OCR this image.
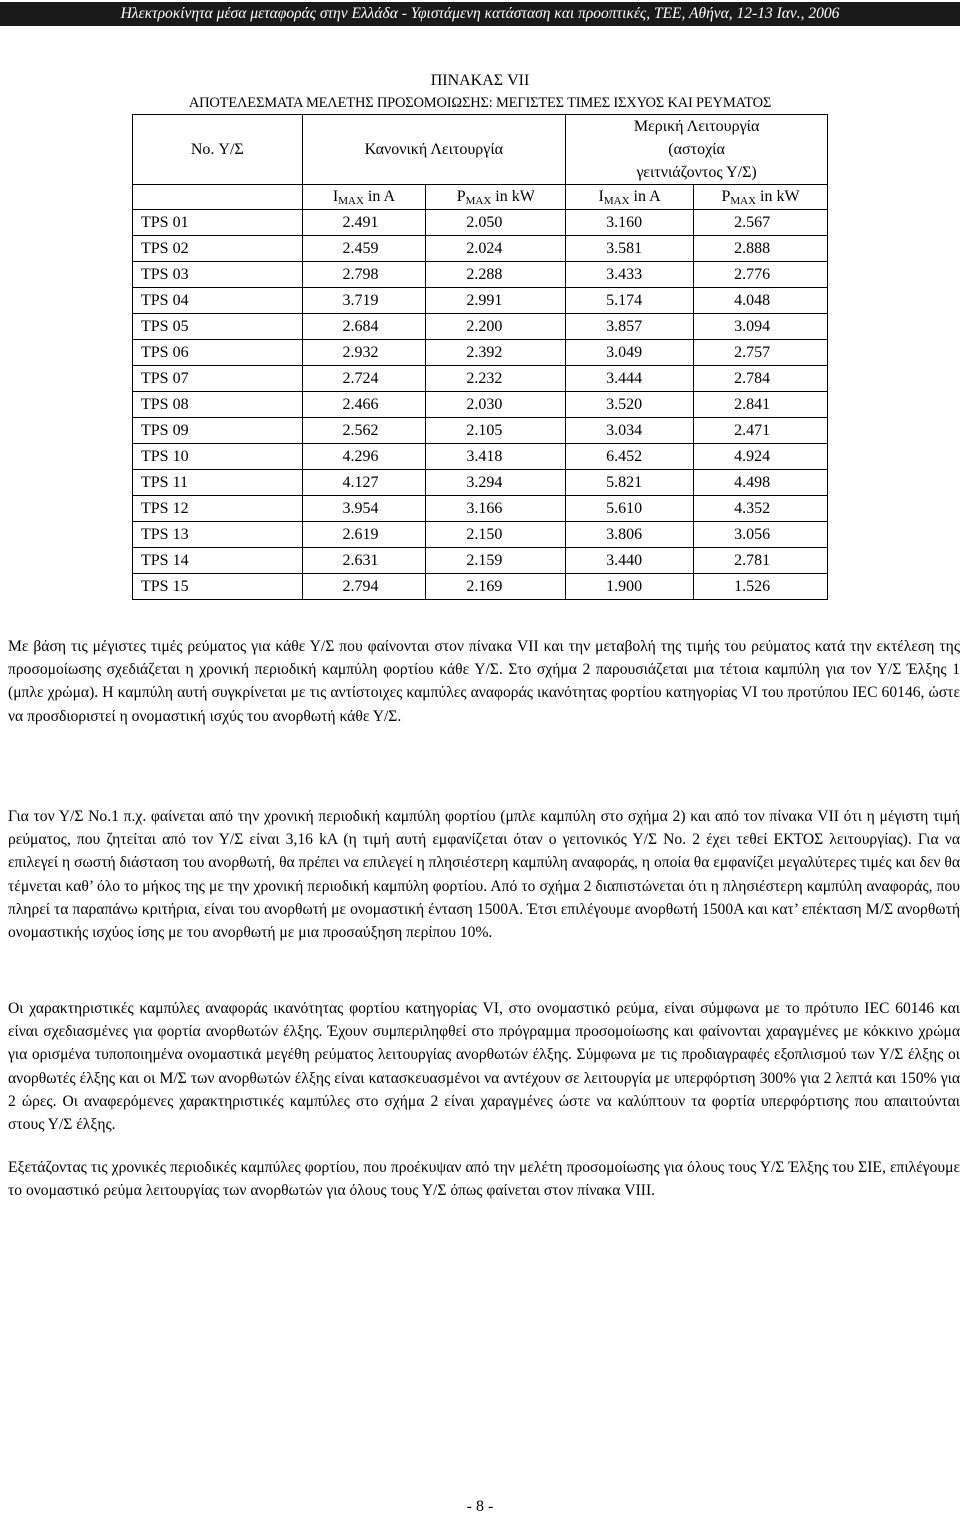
Ηλεκτροκίνητα μέσα μεταφοράς στην Ελλάδα - Υφιστάμενη κατάσταση και προοπτικές, ΤΕΕ, Αθήνα, 12-13 Ιαν., 2006
ΠΙΝΑΚΑΣ VII
ΑΠΟΤΕΛΕΣΜΑΤΑ ΜΕΛΕΤΗΣ ΠΡΟΣΟΜΟΙΩΣΗΣ: ΜΕΓΙΣΤΕΣ ΤΙΜΕΣ ΙΣΧΥΟΣ ΚΑΙ ΡΕΥΜΑΤΟΣ
No. Υ/Σ	Κανονική Λειτουργία		Μερική Λειτουργία (αστοχία γειτνιάζοντος Υ/Σ)	

	$I_{MAX}$ in A	$P_{MAX}$ in kW	$I_{MAX}$ in A	$P_{MAX}$ in kW
TPS 01	2.491	2.050	3.160	2.567
TPS 02	2.459	2.024	3.581	2.888
TPS 03	2.798	2.288	3.433	2.776
TPS 04	3.719	2.991	5.174	4.048
TPS 05	2.684	2.200	3.857	3.094
TPS 06	2.932	2.392	3.049	2.757
TPS 07	2.724	2.232	3.444	2.784
TPS 08	2.466	2.030	3.520	2.841
TPS 09	2.562	2.105	3.034	2.471
TPS 10	4.296	3.418	6.452	4.924
TPS 11	4.127	3.294	5.821	4.498
TPS 12	3.954	3.166	5.610	4.352
TPS 13	2.619	2.150	3.806	3.056
TPS 14	2.631	2.159	3.440	2.781
TPS 15	2.794	2.169	1.900	1.526
Με βάση τις μέγιστες τιμές ρεύματος για κάθε Υ/Σ που φαίνονται στον πίνακα VII και την μεταβολή της τιμής του ρεύματος κατά την εκτέλεση της προσομοίωσης σχεδιάζεται η χρονική περιοδική καμπύλη φορτίου κάθε Υ/Σ. Στο σχήμα 2 παρουσιάζεται μια τέτοια καμπύλη για τον Υ/Σ Έλξης 1 (μπλε χρώμα). Η καμπύλη αυτή συγκρίνεται με τις αντίστοιχες καμπύλες αναφοράς ικανότητας φορτίου κατηγορίας VI του προτύπου IEC 60146, ώστε να προσδιοριστεί η ονομαστική ισχύς του ανορθωτή κάθε Υ/Σ.
Για τον Υ/Σ Νο.1 π.χ. φαίνεται από την χρονική περιοδική καμπύλη φορτίου (μπλε καμπύλη στο σχήμα 2) και από τον πίνακα VII ότι η μέγιστη τιμή ρεύματος, που ζητείται από τον Υ/Σ είναι 3,16 kA (η τιμή αυτή εμφανίζεται όταν ο γειτονικός Υ/Σ Νο. 2 έχει τεθεί ΕΚΤΟΣ λειτουργίας). Για να επιλεγεί η σωστή διάσταση του ανορθωτή, θα πρέπει να επιλεγεί η πλησιέστερη καμπύλη αναφοράς, η οποία θα εμφανίζει μεγαλύτερες τιμές και δεν θα τέμνεται καθ’ όλο το μήκος της με την χρονική περιοδική καμπύλη φορτίου. Από το σχήμα 2 διαπιστώνεται ότι η πλησιέστερη καμπύλη αναφοράς, που πληρεί τα παραπάνω κριτήρια, είναι του ανορθωτή με ονομαστική ένταση 1500Α. Έτσι επιλέγουμε ανορθωτή 1500Α και κατ’ επέκταση Μ/Σ ανορθωτή ονομαστικής ισχύος ίσης με του ανορθωτή με μια προσαύξηση περίπου 10%.
Οι χαρακτηριστικές καμπύλες αναφοράς ικανότητας φορτίου κατηγορίας VI, στο ονομαστικό ρεύμα, είναι σύμφωνα με το πρότυπο IEC 60146 και είναι σχεδιασμένες για φορτία ανορθωτών έλξης. Έχουν συμπεριληφθεί στο πρόγραμμα προσομοίωσης και φαίνονται χαραγμένες με κόκκινο χρώμα για ορισμένα τυποποιημένα ονομαστικά μεγέθη ρεύματος λειτουργίας ανορθωτών έλξης. Σύμφωνα με τις προδιαγραφές εξοπλισμού των Υ/Σ έλξης οι ανορθωτές έλξης και οι Μ/Σ των ανορθωτών έλξης είναι κατασκευασμένοι να αντέχουν σε λειτουργία με υπερφόρτιση 300% για 2 λεπτά και 150% για 2 ώρες. Οι αναφερόμενες χαρακτηριστικές καμπύλες στο σχήμα 2 είναι χαραγμένες ώστε να καλύπτουν τα φορτία υπερφόρτισης που απαιτούνται στους Υ/Σ έλξης.
Εξετάζοντας τις χρονικές περιοδικές καμπύλες φορτίου, που προέκυψαν από την μελέτη προσομοίωσης για όλους τους Υ/Σ Έλξης του ΣΙΕ, επιλέγουμε το ονομαστικό ρεύμα λειτουργίας των ανορθωτών για όλους τους Υ/Σ όπως φαίνεται στον πίνακα VIII.
- 8 -
